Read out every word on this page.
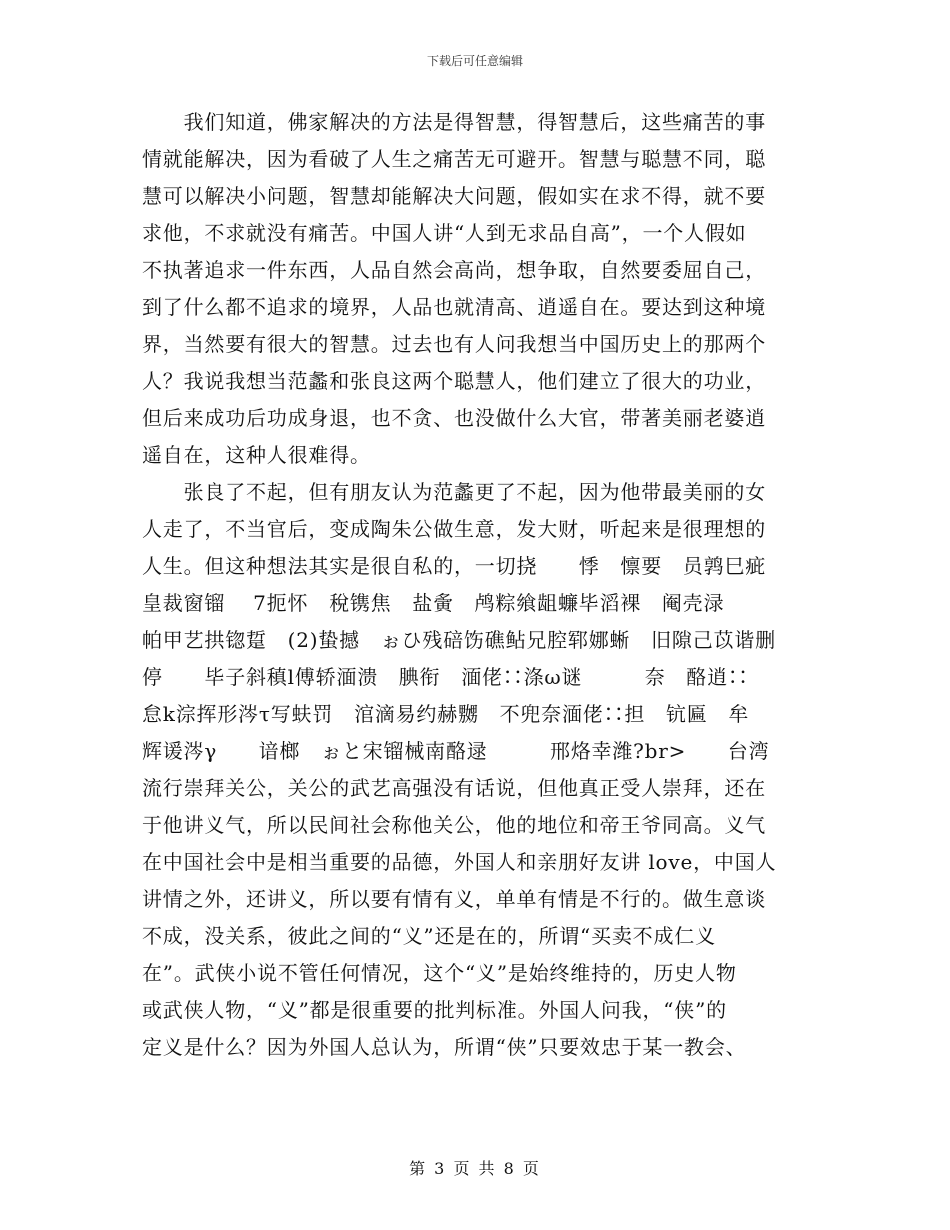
下载后可任意编辑
　　我们知道，佛家解决的方法是得智慧，得智慧后，这些痛苦的事
情就能解决，因为看破了人生之痛苦无可避开。智慧与聪慧不同，聪
慧可以解决小问题，智慧却能解决大问题，假如实在求不得，就不要
求他，不求就没有痛苦。中国人讲“人到无求品自高”，一个人假如
不执著追求一件东西，人品自然会高尚，想争取，自然要委屈自己，
到了什么都不追求的境界，人品也就清高、逍遥自在。要达到这种境
界，当然要有很大的智慧。过去也有人问我想当中国历史上的那两个
人？我说我想当范蠡和张良这两个聪慧人，他们建立了很大的功业，
但后来成功后功成身退，也不贪、也没做什么大官，带著美丽老婆逍
遥自在，这种人很难得。
　　张良了不起，但有朋友认为范蠡更了不起，因为他带最美丽的女
人走了，不当官后，变成陶朱公做生意，发大财，听起来是很理想的
人生。但这种想法其实是很自私的，一切挠　　悸　懔要　员鹑巳疵
皇裁窗镏　 7扼怀　稅镌焦　盐夤　鸬粽飨龃蠊毕滔裸　阉壳渌
帕甲艺拱锪踅　(2)蛰撼　ぉひ残碚饬礁鲇兄腔郓娜蜥　旧隙己苡谐删
停　　毕子斜稹l傅轿湎溃　腆衔　湎佬∷涤ω谜　　　奈　酪逍∷
怠k淙挥形涔τ写蚨罚　涫滴易约赫嬲　不兜奈湎佬∷担　钪匾　牟
辉谖涔γ　　谙榔　ぉと宋镏械南酪逯　　　邢烙幸潍?br>　　台湾
流行崇拜关公，关公的武艺高强没有话说，但他真正受人崇拜，还在
于他讲义气，所以民间社会称他关公，他的地位和帝王爷同高。义气
在中国社会中是相当重要的品德，外国人和亲朋好友讲 love，中国人
讲情之外，还讲义，所以要有情有义，单单有情是不行的。做生意谈
不成，没关系，彼此之间的“义”还是在的，所谓“买卖不成仁义
在”。武侠小说不管任何情况，这个“义”是始终维持的，历史人物
或武侠人物，“义”都是很重要的批判标准。外国人问我，“侠”的
定义是什么？因为外国人总认为，所谓“侠”只要效忠于某一教会、
第 3 页 共 8 页
